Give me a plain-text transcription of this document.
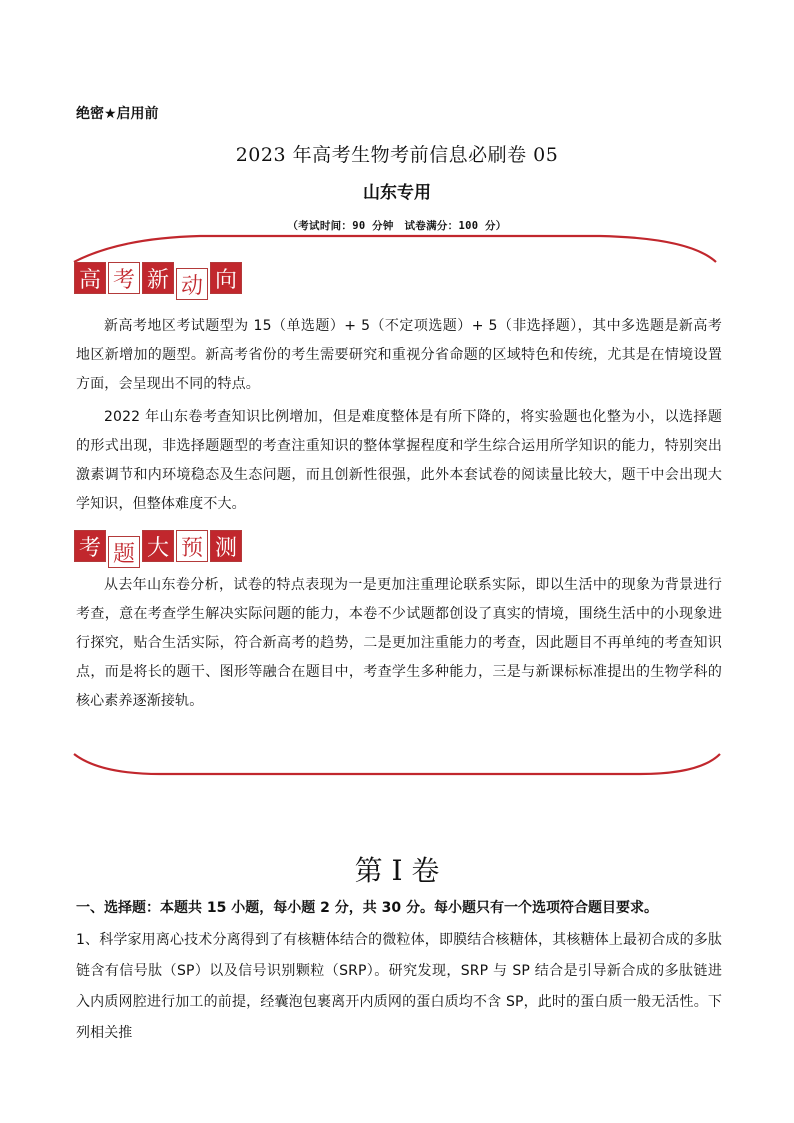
绝密★启用前
2023 年高考生物考前信息必刷卷 05
山东专用
（考试时间：90 分钟　试卷满分：100 分）
高 考 新 动 向
新高考地区考试题型为 15（单选题）+ 5（不定项选题）+ 5（非选择题），其中多选题是新高考地区新增加的题型。新高考省份的考生需要研究和重视分省命题的区域特色和传统，尤其是在情境设置方面，会呈现出不同的特点。
2022 年山东卷考查知识比例增加，但是难度整体是有所下降的，将实验题也化整为小，以选择题的形式出现，非选择题题型的考查注重知识的整体掌握程度和学生综合运用所学知识的能力，特别突出激素调节和内环境稳态及生态问题，而且创新性很强，此外本套试卷的阅读量比较大，题干中会出现大学知识，但整体难度不大。
考 题 大 预 测
从去年山东卷分析，试卷的特点表现为一是更加注重理论联系实际，即以生活中的现象为背景进行考查，意在考查学生解决实际问题的能力，本卷不少试题都创设了真实的情境，围绕生活中的小现象进行探究，贴合生活实际，符合新高考的趋势，二是更加注重能力的考查，因此题目不再单纯的考查知识点，而是将长的题干、图形等融合在题目中，考查学生多种能力，三是与新课标标准提出的生物学科的核心素养逐渐接轨。
第 I 卷
一、选择题：本题共 15 小题，每小题 2 分，共 30 分。每小题只有一个选项符合题目要求。
1、科学家用离心技术分离得到了有核糖体结合的微粒体，即膜结合核糖体，其核糖体上最初合成的多肽链含有信号肽（SP）以及信号识别颗粒（SRP）。研究发现，SRP 与 SP 结合是引导新合成的多肽链进入内质网腔进行加工的前提，经囊泡包裹离开内质网的蛋白质均不含 SP，此时的蛋白质一般无活性。下列相关推
